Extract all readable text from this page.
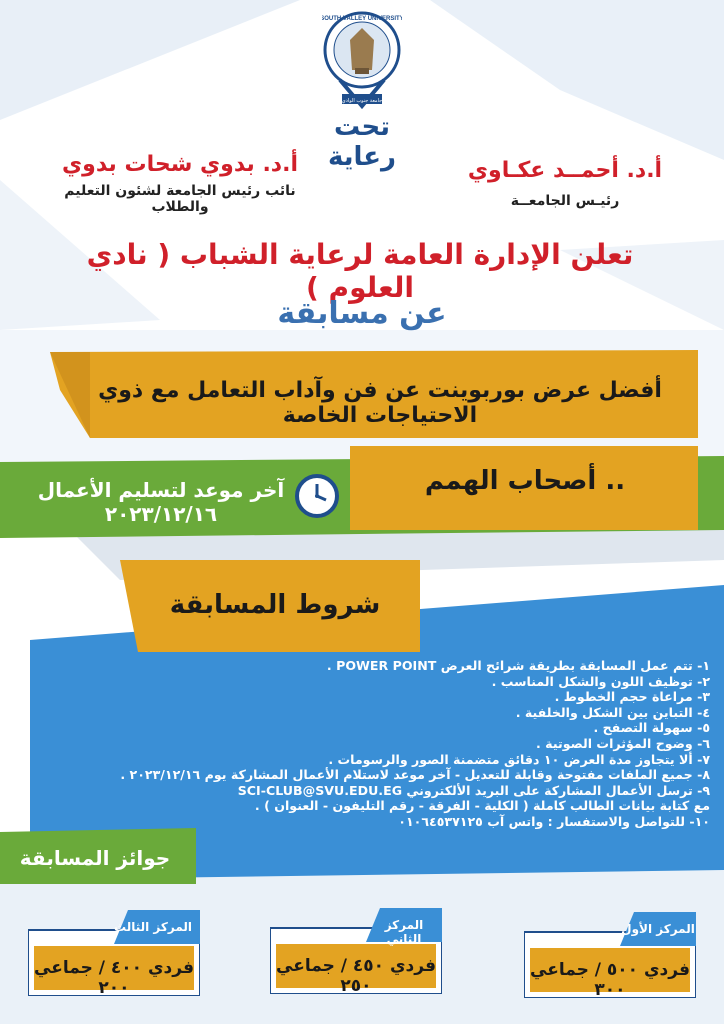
SOUTH VALLEY UNIVERSITY
جامعة جنوب الوادي
تحت رعاية	أ.د. أحمــد عكـاوي
رئيـس الجامعــة
أ.د. بدوي شحات بدوي
نائب رئيس الجامعة لشئون التعليم والطلاب
تعلن الإدارة العامة لرعاية الشباب ( نادي العلوم )
عن مسابقة
أفضل عرض بوربوينت عن فن وآداب التعامل مع ذوي الاحتياجات الخاصة
.. أصحاب الهمم
آخر موعد لتسليم الأعمال ٢٠٢٣/١٢/١٦
شروط المسابقة
١- تتم عمل المسابقة بطريقة شرائح العرض POWER POINT .
٢- توظيف اللون والشكل المناسب .
٣- مراعاة حجم الخطوط .
٤- التباين بين الشكل والخلفية .
٥- سهولة التصفح .
٦- وضوح المؤثرات الصوتية .
٧- ألا يتجاوز مدة العرض ١٠ دقائق متضمنة الصور والرسومات .
٨- جميع الملفات مفتوحة وقابلة للتعديل - آخر موعد لاستلام الأعمال المشاركة يوم ٢٠٢٣/١٢/١٦ .
٩- ترسل الأعمال المشاركة على البريد الألكتروني SCI-CLUB@SVU.EDU.EG
مع كتابة بيانات الطالب كاملة ( الكلية - الفرقة - رقم التليفون - العنوان ) .
١٠- للتواصل والاستفسار : واتس آب ٠١٠٦٤٥٣٧١٢٥
جوائز المسابقة
المركز الأول
فردي ٥٠٠ / جماعي ٣٠٠
المركز الثاني
فردي ٤٥٠ / جماعي ٢٥٠
المركز الثالث
فردي ٤٠٠ / جماعي ٢٠٠
